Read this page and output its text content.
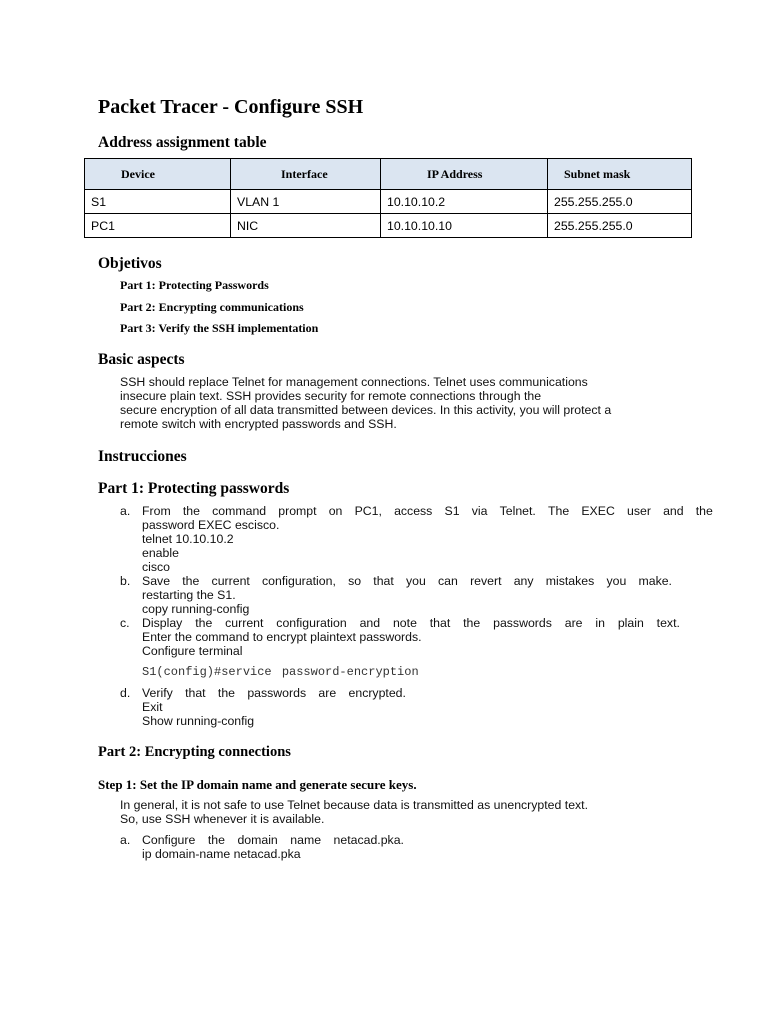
Packet Tracer - Configure SSH
Address assignment table
Device	Interface	IP Address	Subnet mask
S1	VLAN 1	10.10.10.2	255.255.255.0
PC1	NIC	10.10.10.10	255.255.255.0
Objetivos
Part 1: Protecting Passwords
Part 2: Encrypting communications
Part 3: Verify the SSH implementation
Basic aspects
SSH should replace Telnet for management connections. Telnet uses communications
insecure plain text. SSH provides security for remote connections through the
secure encryption of all data transmitted between devices. In this activity, you will protect a
remote switch with encrypted passwords and SSH.
Instrucciones
Part 1: Protecting passwords
a. From the command prompt on PC1, access S1 via Telnet. The EXEC user and the
password EXEC escisco.
telnet 10.10.10.2
enable
cisco
b. Save the current configuration, so that you can revert any mistakes you make.
restarting the S1.
copy running-config
c. Display the current configuration and note that the passwords are in plain text.
Enter the command to encrypt plaintext passwords.
Configure terminal
S1(config)#service password-encryption
d. Verify that the passwords are encrypted.
Exit
Show running-config
Part 2: Encrypting connections
Step 1: Set the IP domain name and generate secure keys.
In general, it is not safe to use Telnet because data is transmitted as unencrypted text.
So, use SSH whenever it is available.
a. Configure the domain name netacad.pka.
ip domain-name netacad.pka
